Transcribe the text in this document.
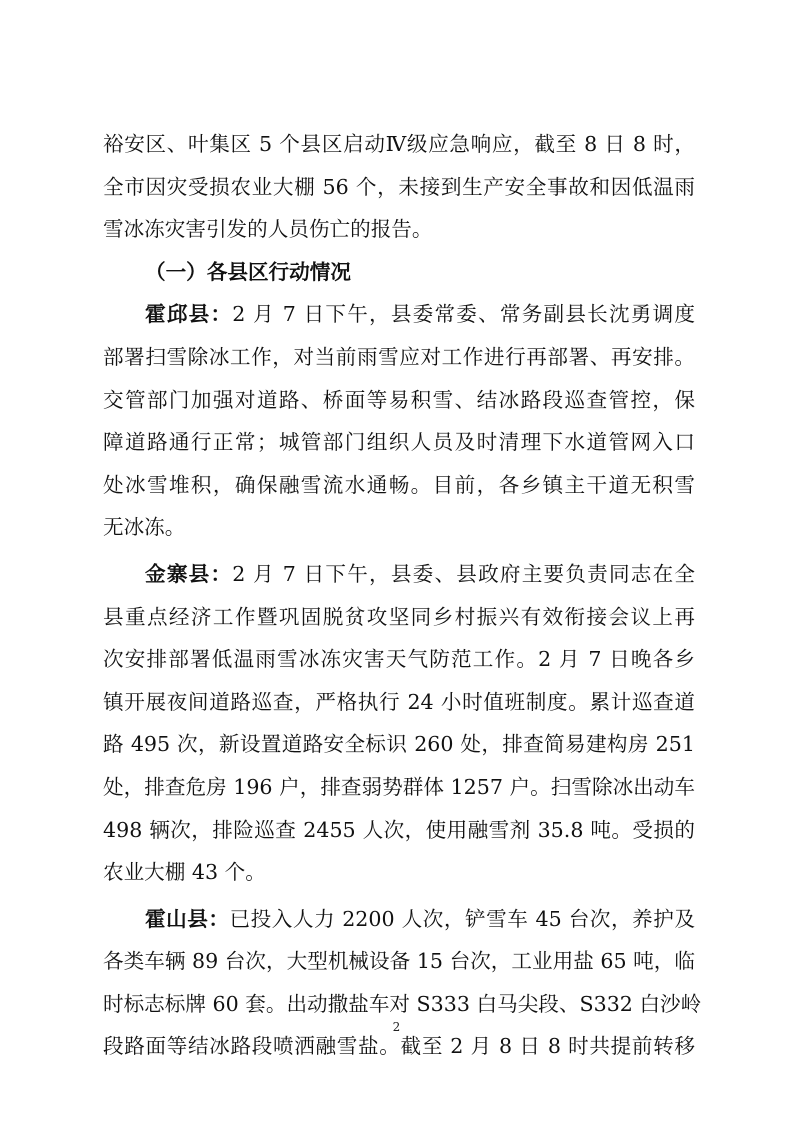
裕安区、叶集区 5 个县区启动Ⅳ级应急响应，截至 8 日 8 时，
全市因灾受损农业大棚 56 个，未接到生产安全事故和因低温雨
雪冰冻灾害引发的人员伤亡的报告。
（一）各县区行动情况
霍邱县：2 月 7 日下午，县委常委、常务副县长沈勇调度
部署扫雪除冰工作，对当前雨雪应对工作进行再部署、再安排。
交管部门加强对道路、桥面等易积雪、结冰路段巡查管控，保
障道路通行正常；城管部门组织人员及时清理下水道管网入口
处冰雪堆积，确保融雪流水通畅。目前，各乡镇主干道无积雪
无冰冻。
金寨县：2 月 7 日下午，县委、县政府主要负责同志在全
县重点经济工作暨巩固脱贫攻坚同乡村振兴有效衔接会议上再
次安排部署低温雨雪冰冻灾害天气防范工作。2 月 7 日晚各乡
镇开展夜间道路巡查，严格执行 24 小时值班制度。累计巡查道
路 495 次，新设置道路安全标识 260 处，排查简易建构房 251
处，排查危房 196 户，排查弱势群体 1257 户。扫雪除冰出动车
498 辆次，排险巡查 2455 人次，使用融雪剂 35.8 吨。受损的
农业大棚 43 个。
霍山县：已投入人力 2200 人次，铲雪车 45 台次，养护及
各类车辆 89 台次，大型机械设备 15 台次，工业用盐 65 吨，临
时标志标牌 60 套。出动撒盐车对 S333 白马尖段、S332 白沙岭
段路面等结冰路段喷洒融雪盐。截至 2 月 8 日 8 时共提前转移
2
